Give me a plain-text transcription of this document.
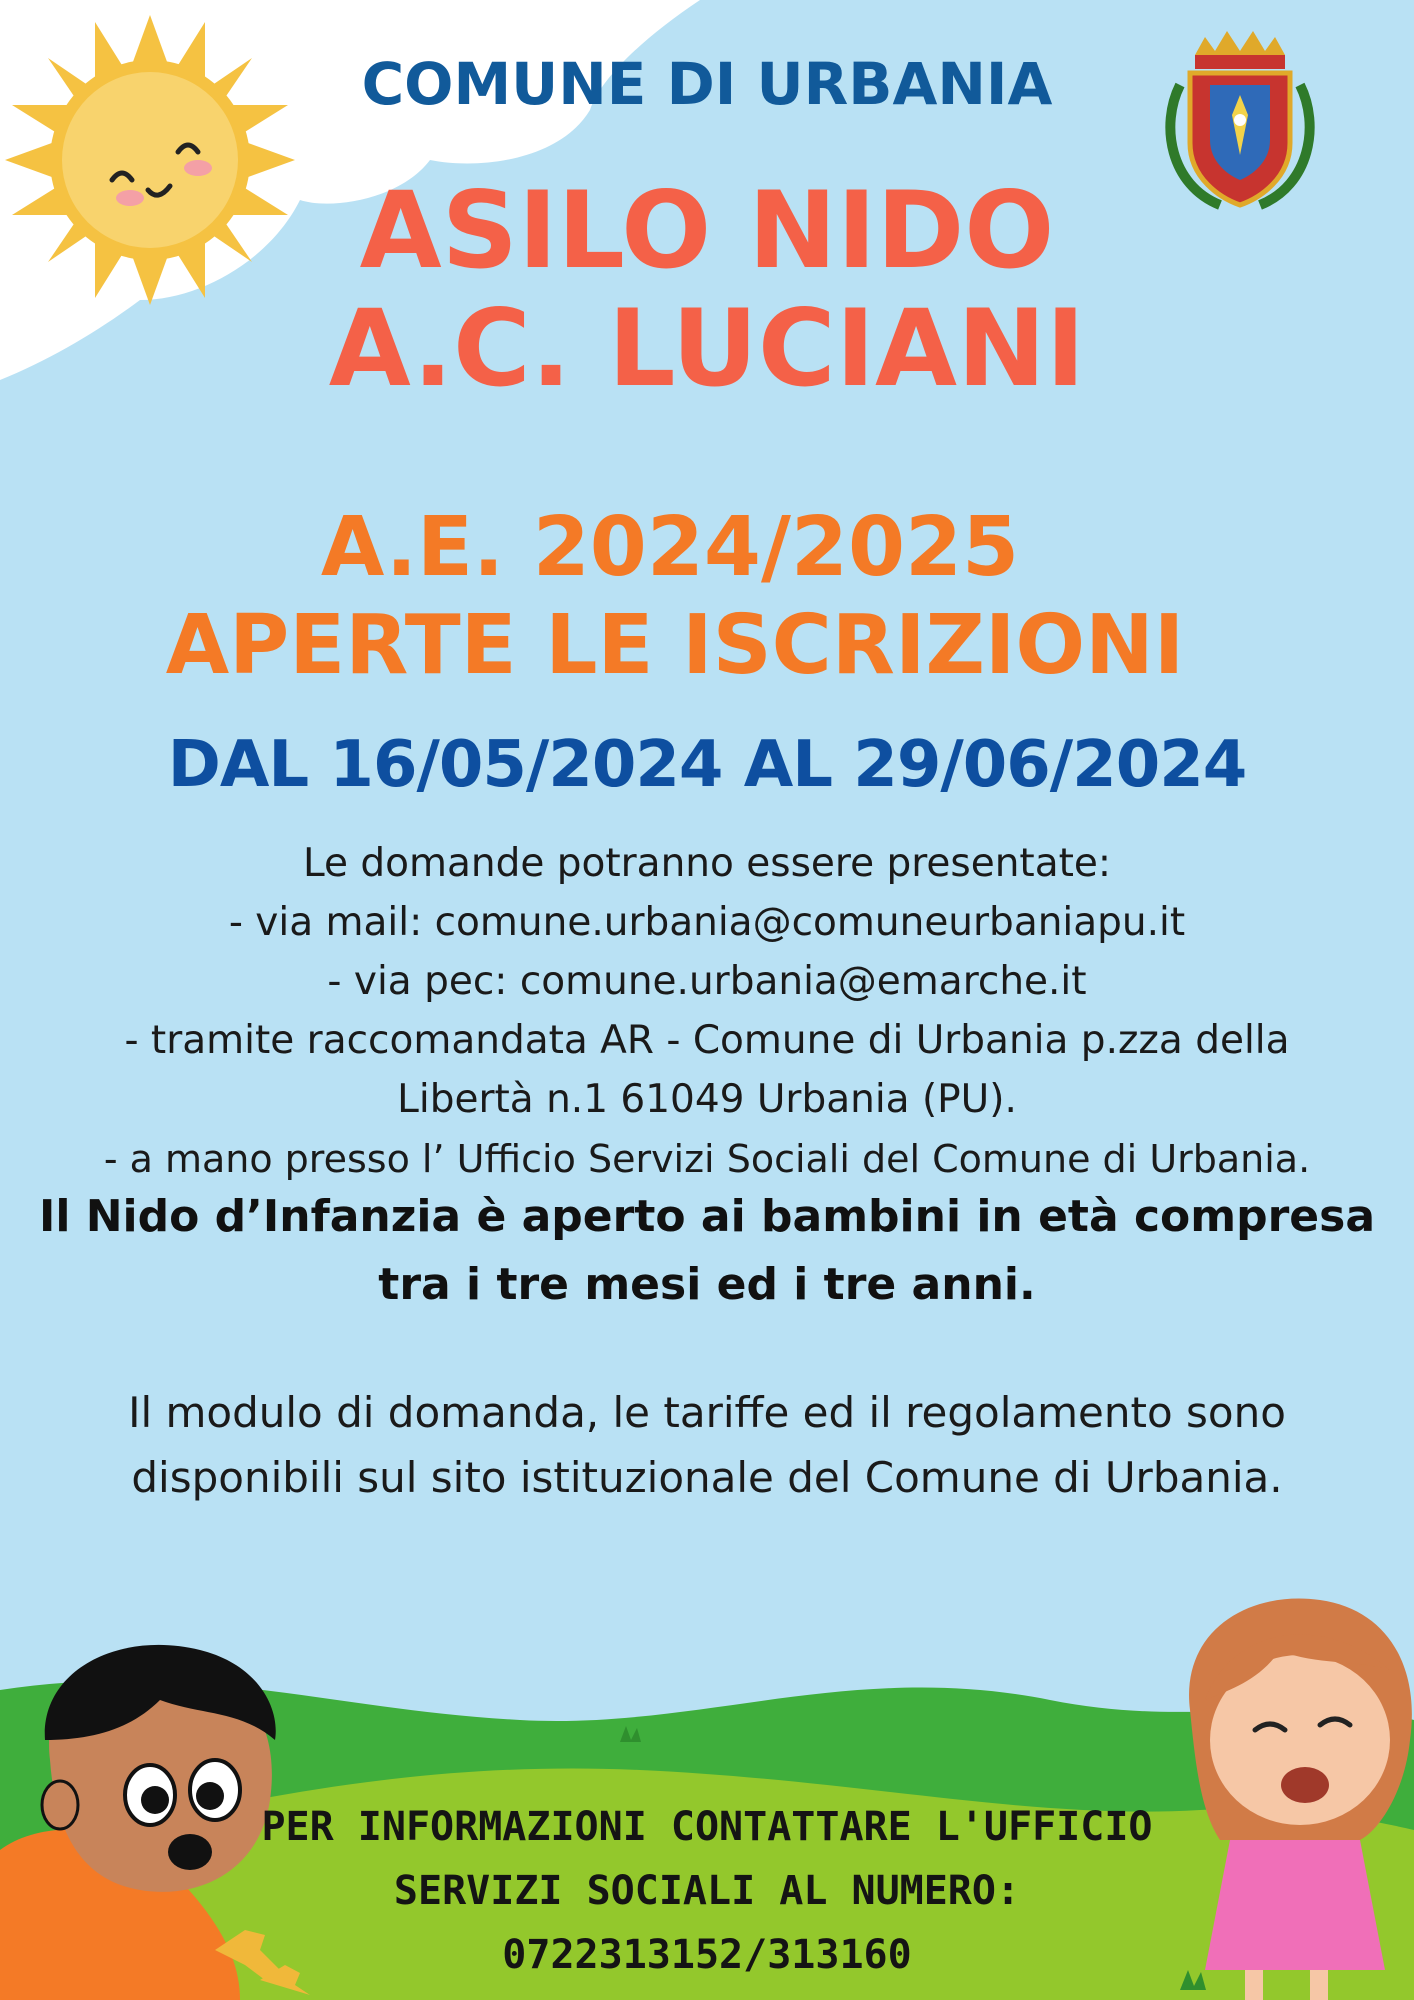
COMUNE DI URBANIA
ASILO NIDO
A.C. LUCIANI
A.E. 2024/2025
APERTE LE ISCRIZIONI
DAL 16/05/2024 AL 29/06/2024
Le domande potranno essere presentate:
- via mail: comune.urbania@comuneurbaniapu.it
- via pec: comune.urbania@emarche.it
- tramite raccomandata AR - Comune di Urbania p.zza della
Libertà n.1 61049 Urbania (PU).
- a mano presso l’ Ufficio Servizi Sociali del Comune di Urbania.
Il Nido d’Infanzia è aperto ai bambini in età compresa
tra i tre mesi ed i tre anni.
Il modulo di domanda, le tariffe ed il regolamento sono
disponibili sul sito istituzionale del Comune di Urbania.
PER INFORMAZIONI CONTATTARE L'UFFICIO
SERVIZI SOCIALI AL NUMERO:
0722313152/313160
